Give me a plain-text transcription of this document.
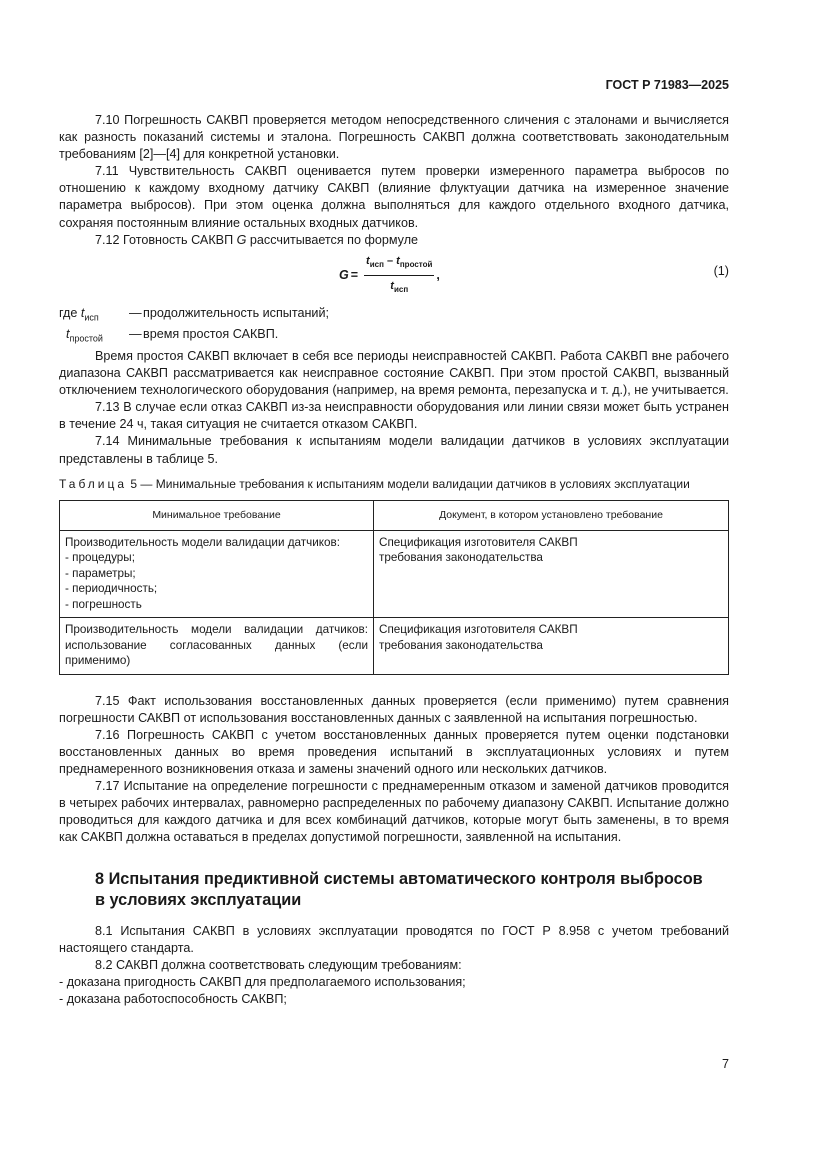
ГОСТ Р 71983—2025

7.10 Погрешность САКВП проверяется методом непосредственного сличения с эталонами и вычисляется как разность показаний системы и эталона. Погрешность САКВП должна соответствовать законодательным требованиям [2]—[4] для конкретной установки.

7.11 Чувствительность САКВП оценивается путем проверки измеренного параметра выбросов по отношению к каждому входному датчику САКВП (влияние флуктуации датчика на измеренное значение параметра выбросов). При этом оценка должна выполняться для каждого отдельного входного датчика, сохраняя постоянным влияние остальных входных датчиков.

7.12 Готовность САКВП G рассчитывается по формуле

$G = \frac{t_{исп} - t_{простой}}{t_{исп}}$ ,	(1)
где $t_{исп}$	— продолжительность испытаний;
$t_{простой}$	— время простоя САКВП.

Время простоя САКВП включает в себя все периоды неисправностей САКВП. Работа САКВП вне рабочего диапазона САКВП рассматривается как неисправное состояние САКВП. При этом простой САКВП, вызванный отключением технологического оборудования (например, на время ремонта, перезапуска и т. д.), не учитывается.

7.13 В случае если отказ САКВП из-за неисправности оборудования или линии связи может быть устранен в течение 24 ч, такая ситуация не считается отказом САКВП.

7.14 Минимальные требования к испытаниям модели валидации датчиков в условиях эксплуатации представлены в таблице 5.

Таблица 5 — Минимальные требования к испытаниям модели валидации датчиков в условиях эксплуатации
Минимальное требование	Документ, в котором установлено требование

Производительность модели валидации датчиков:
- процедуры;
- параметры;
- периодичность;
- погрешность	Спецификация изготовителя САКВП
требования законодательства

Производительность модели валидации датчиков: использование согласованных данных (если применимо)	Спецификация изготовителя САКВП
требования законодательства

7.15 Факт использования восстановленных данных проверяется (если применимо) путем сравнения погрешности САКВП от использования восстановленных данных с заявленной на испытания погрешностью.

7.16 Погрешность САКВП с учетом восстановленных данных проверяется путем оценки подстановки восстановленных данных во время проведения испытаний в эксплуатационных условиях и путем преднамеренного возникновения отказа и замены значений одного или нескольких датчиков.

7.17 Испытание на определение погрешности с преднамеренным отказом и заменой датчиков проводится в четырех рабочих интервалах, равномерно распределенных по рабочему диапазону САКВП. Испытание должно проводиться для каждого датчика и для всех комбинаций датчиков, которые могут быть заменены, в то время как САКВП должна оставаться в пределах допустимой погрешности, заявленной на испытания.

8 Испытания предиктивной системы автоматического контроля выбросов
в условиях эксплуатации

8.1 Испытания САКВП в условиях эксплуатации проводятся по ГОСТ Р 8.958 с учетом требований настоящего стандарта.

8.2 САКВП должна соответствовать следующим требованиям:

- доказана пригодность САКВП для предполагаемого использования;

- доказана работоспособность САКВП;

7
